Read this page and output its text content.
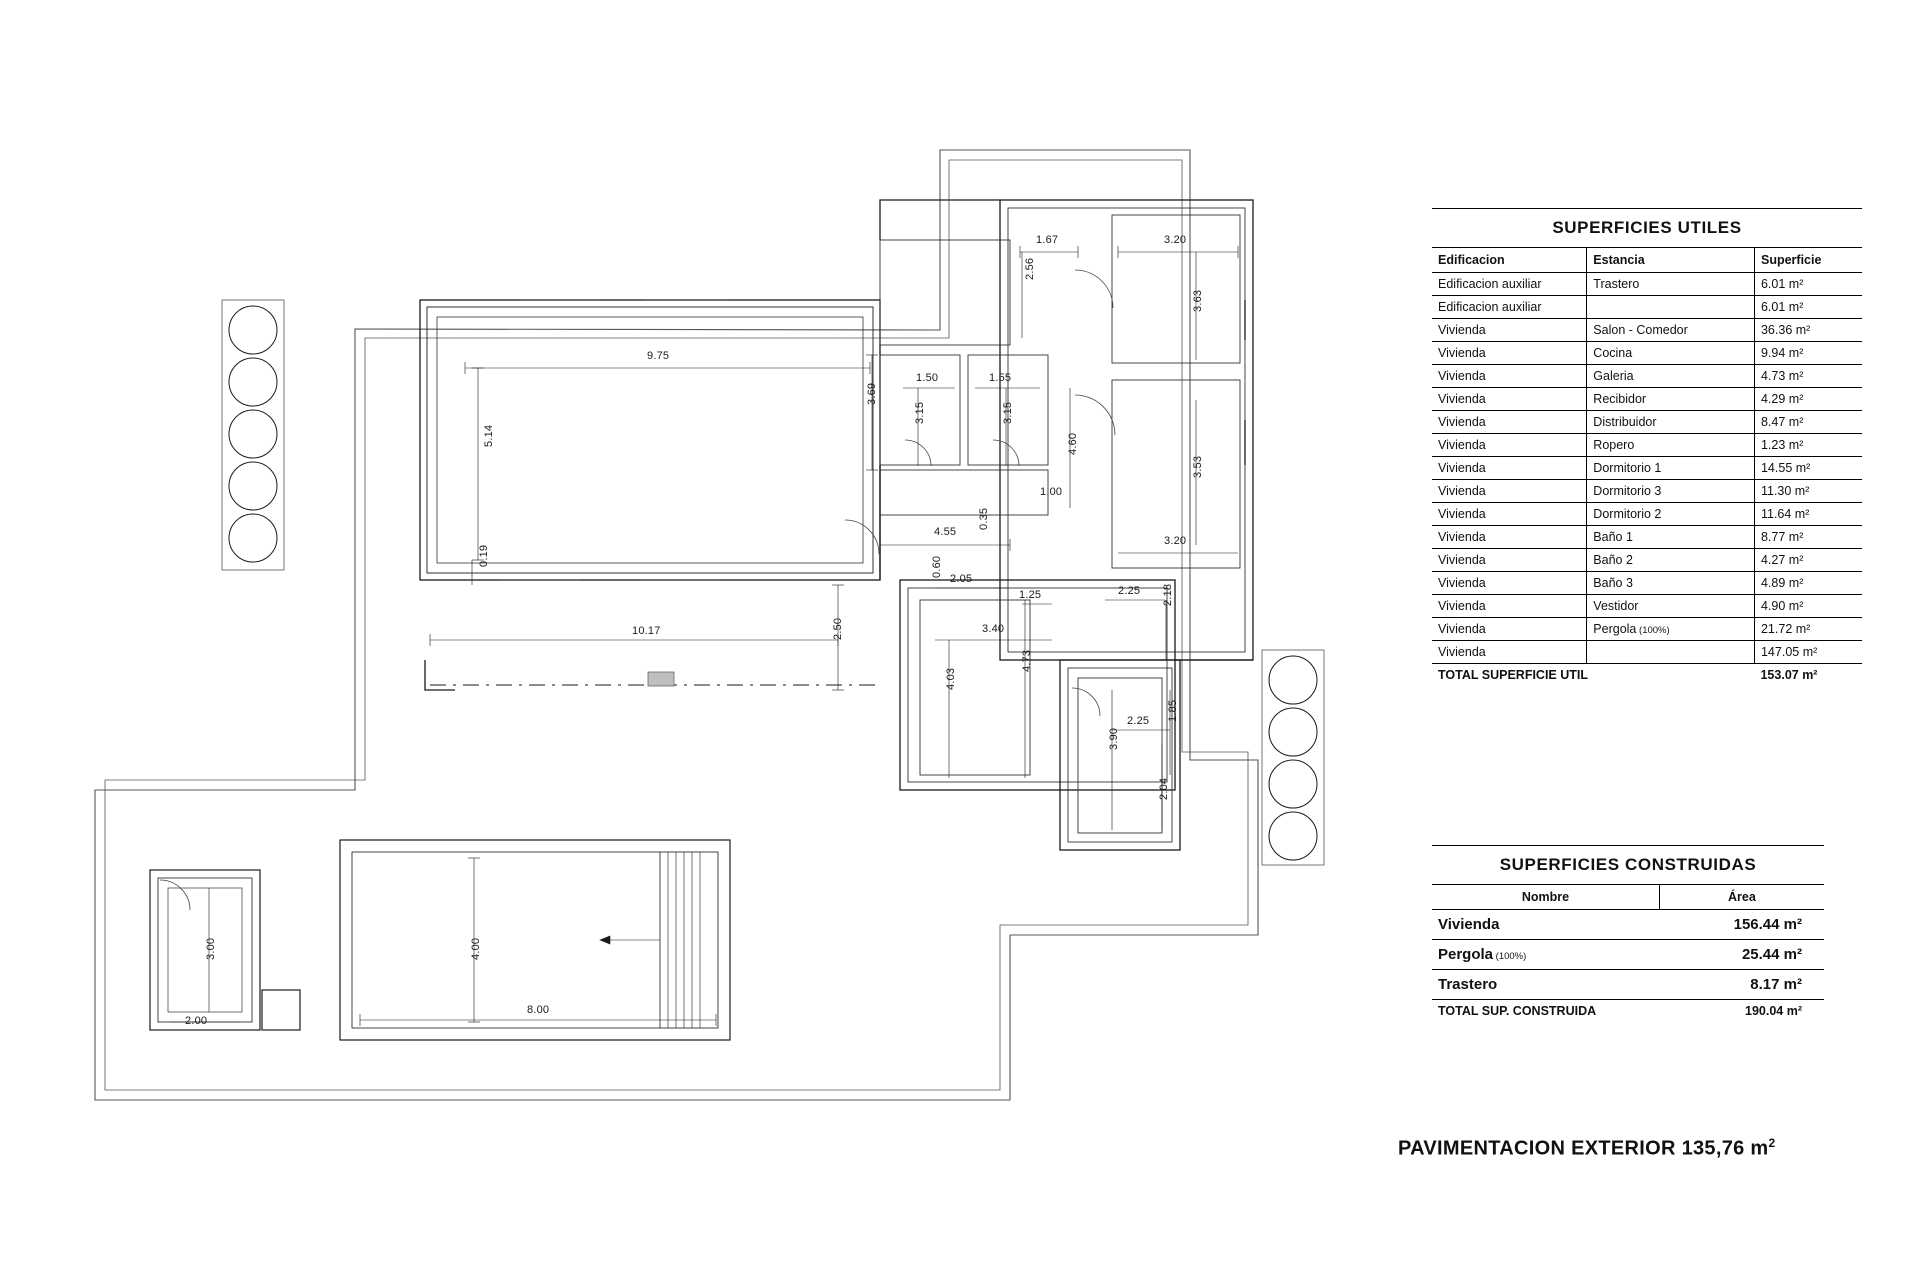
9.75
5.14
3.69
0.19
10.17	2.50
1.67
2.56
3.20
3.63
1.50	1.55
3.15	3.15
4.60
3.53
1.00
4.55
0.35
3.20
0.60
2.05
1.25	2.25 2.18
3.40
4.03
4.73
2.25 1.85
3.90
2.04
4.00
8.00
3.00
2.00
SUPERFICIES UTILES		
Edificacion	Estancia	Superficie
Edificacion auxiliar	Trastero	6.01 m²
Edificacion auxiliar		6.01 m²
Vivienda	Salon - Comedor	36.36 m²
Vivienda	Cocina	9.94 m²
Vivienda	Galeria	4.73 m²
Vivienda	Recibidor	4.29 m²
Vivienda	Distribuidor	8.47 m²
Vivienda	Ropero	1.23 m²
Vivienda	Dormitorio 1	14.55 m²
Vivienda	Dormitorio 3	11.30 m²
Vivienda	Dormitorio 2	11.64 m²
Vivienda	Baño 1	8.77 m²
Vivienda	Baño 2	4.27 m²
Vivienda	Baño 3	4.89 m²
Vivienda	Vestidor	4.90 m²
Vivienda	Pergola (100%)	21.72 m²
Vivienda		147.05 m²
TOTAL SUPERFICIE UTIL		153.07 m²
SUPERFICIES CONSTRUIDAS	
Nombre	Área
Vivienda	156.44 m²
Pergola (100%)	25.44 m²
Trastero	8.17 m²
TOTAL SUP. CONSTRUIDA	190.04 m²
PAVIMENTACION EXTERIOR 135,76 $m^2$
